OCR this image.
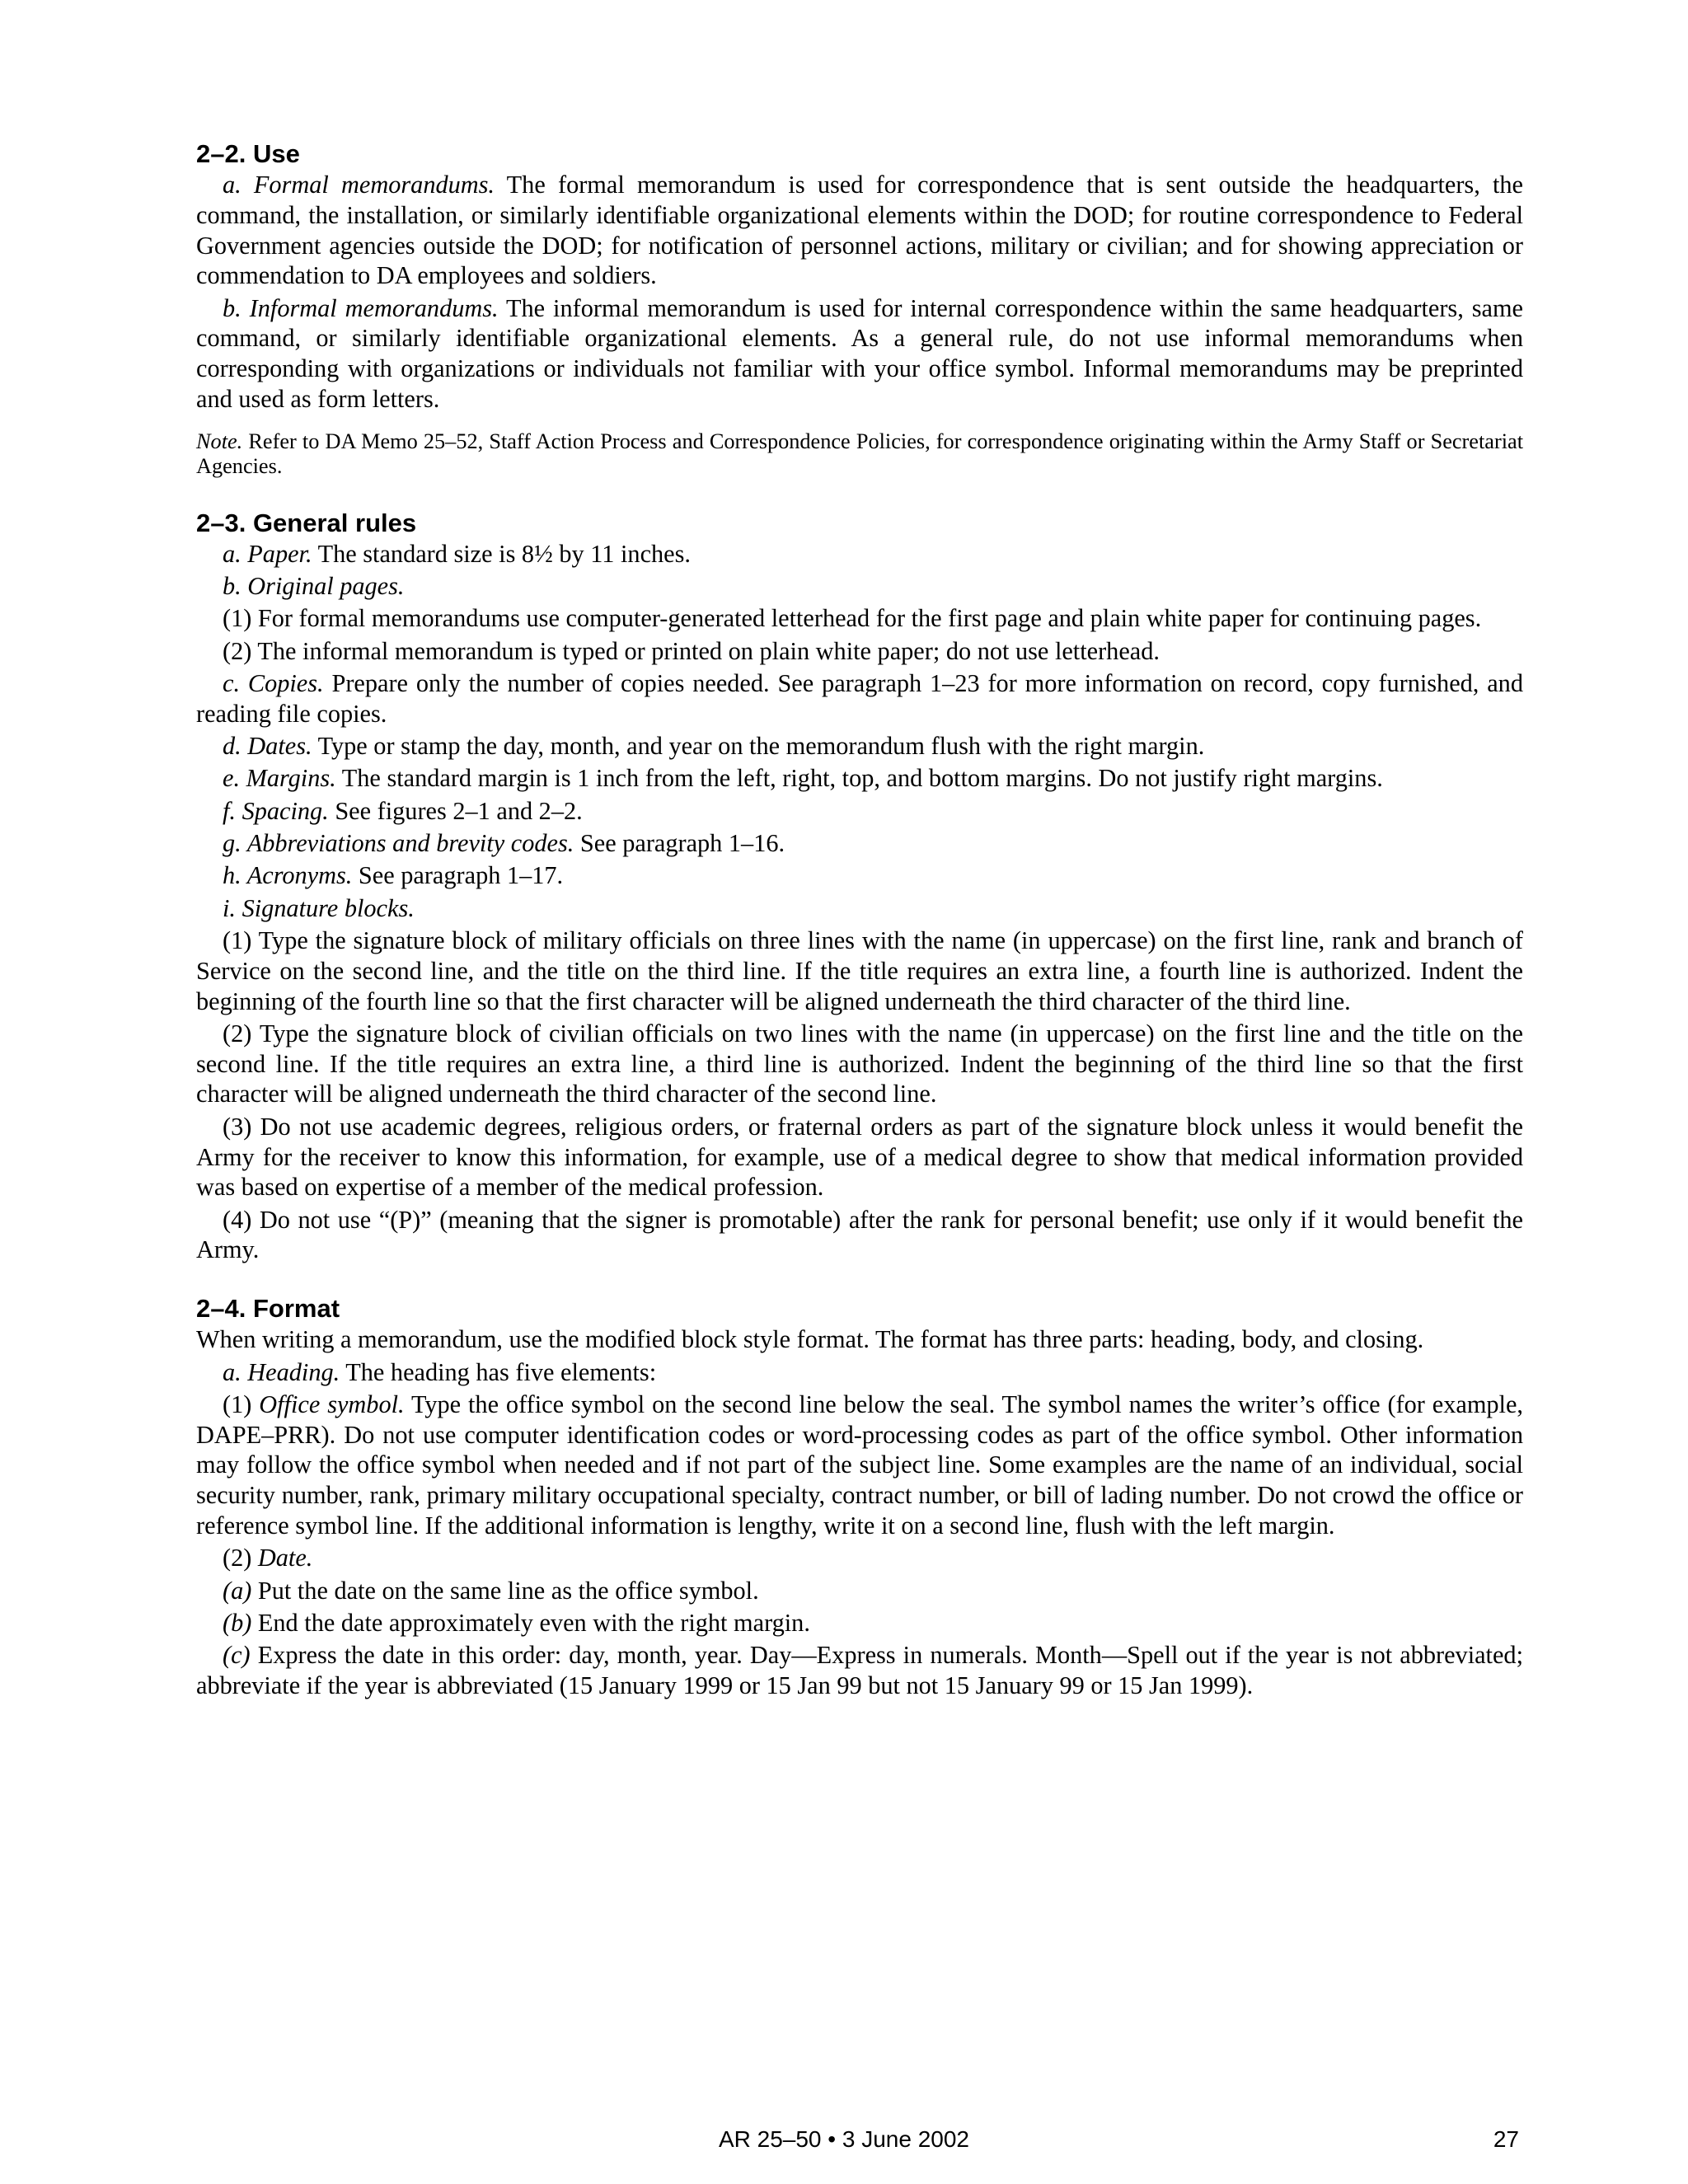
2–2. Use

a. Formal memorandums. The formal memorandum is used for correspondence that is sent outside the headquarters, the command, the installation, or similarly identifiable organizational elements within the DOD; for routine correspondence to Federal Government agencies outside the DOD; for notification of personnel actions, military or civilian; and for showing appreciation or commendation to DA employees and soldiers.

b. Informal memorandums. The informal memorandum is used for internal correspondence within the same headquarters, same command, or similarly identifiable organizational elements. As a general rule, do not use informal memorandums when corresponding with organizations or individuals not familiar with your office symbol. Informal memorandums may be preprinted and used as form letters.

Note. Refer to DA Memo 25–52, Staff Action Process and Correspondence Policies, for correspondence originating within the Army Staff or Secretariat Agencies.

2–3. General rules

a. Paper. The standard size is 8½ by 11 inches.

b. Original pages.

(1) For formal memorandums use computer-generated letterhead for the first page and plain white paper for continuing pages.

(2) The informal memorandum is typed or printed on plain white paper; do not use letterhead.

c. Copies. Prepare only the number of copies needed. See paragraph 1–23 for more information on record, copy furnished, and reading file copies.

d. Dates. Type or stamp the day, month, and year on the memorandum flush with the right margin.

e. Margins. The standard margin is 1 inch from the left, right, top, and bottom margins. Do not justify right margins.

f. Spacing. See figures 2–1 and 2–2.

g. Abbreviations and brevity codes. See paragraph 1–16.

h. Acronyms. See paragraph 1–17.

i. Signature blocks.

(1) Type the signature block of military officials on three lines with the name (in uppercase) on the first line, rank and branch of Service on the second line, and the title on the third line. If the title requires an extra line, a fourth line is authorized. Indent the beginning of the fourth line so that the first character will be aligned underneath the third character of the third line.

(2) Type the signature block of civilian officials on two lines with the name (in uppercase) on the first line and the title on the second line. If the title requires an extra line, a third line is authorized. Indent the beginning of the third line so that the first character will be aligned underneath the third character of the second line.

(3) Do not use academic degrees, religious orders, or fraternal orders as part of the signature block unless it would benefit the Army for the receiver to know this information, for example, use of a medical degree to show that medical information provided was based on expertise of a member of the medical profession.

(4) Do not use “(P)” (meaning that the signer is promotable) after the rank for personal benefit; use only if it would benefit the Army.

2–4. Format

When writing a memorandum, use the modified block style format. The format has three parts: heading, body, and closing.

a. Heading. The heading has five elements:

(1) Office symbol. Type the office symbol on the second line below the seal. The symbol names the writer’s office (for example, DAPE–PRR). Do not use computer identification codes or word-processing codes as part of the office symbol. Other information may follow the office symbol when needed and if not part of the subject line. Some examples are the name of an individual, social security number, rank, primary military occupational specialty, contract number, or bill of lading number. Do not crowd the office or reference symbol line. If the additional information is lengthy, write it on a second line, flush with the left margin.

(2) Date.

(a) Put the date on the same line as the office symbol.

(b) End the date approximately even with the right margin.

(c) Express the date in this order: day, month, year. Day—Express in numerals. Month—Spell out if the year is not abbreviated; abbreviate if the year is abbreviated (15 January 1999 or 15 Jan 99 but not 15 January 99 or 15 Jan 1999).

AR 25–50 • 3 June 2002	27
